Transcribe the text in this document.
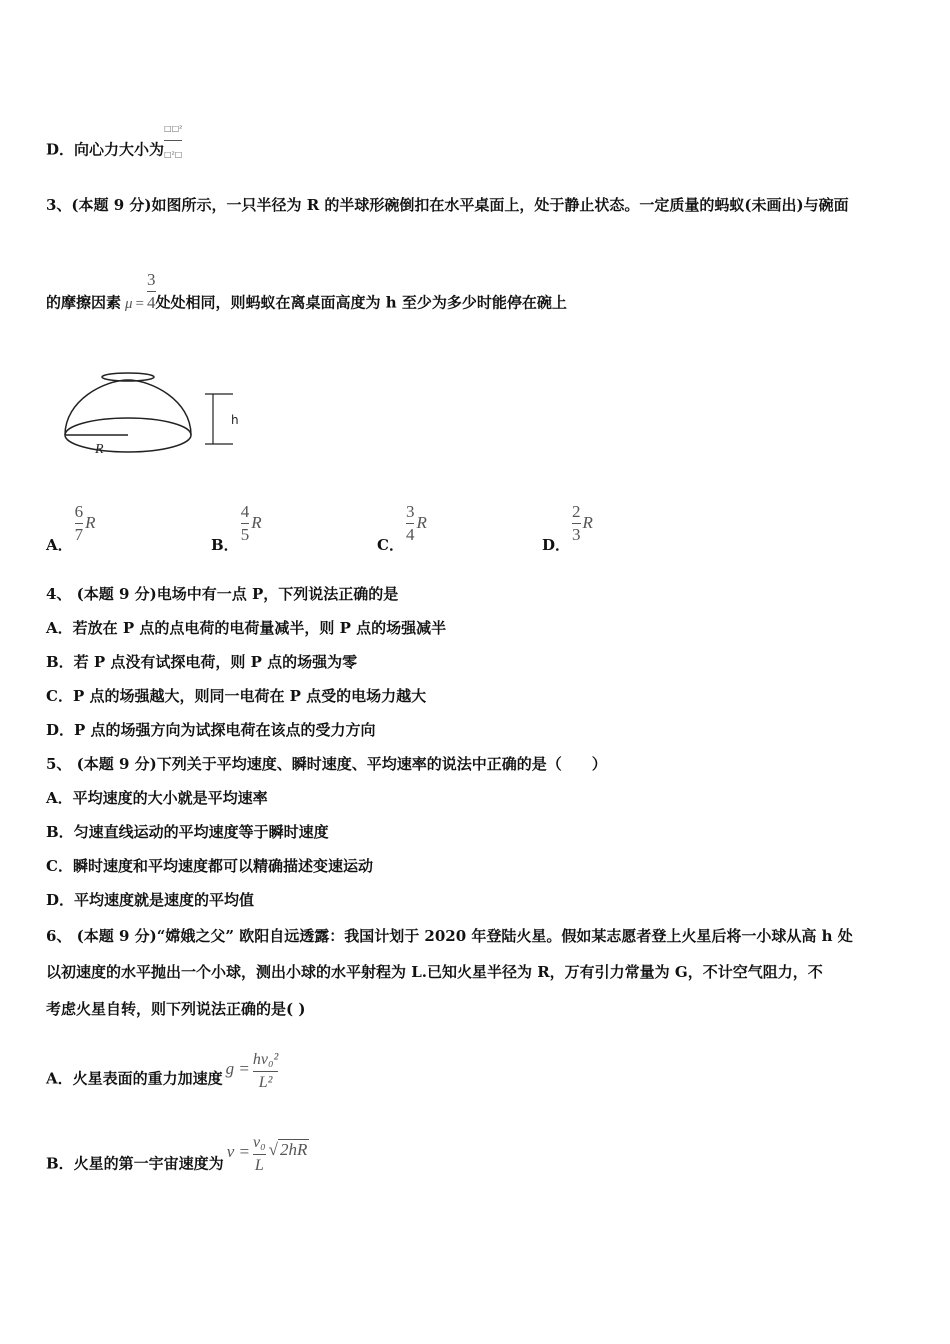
D．向心力大小为$\frac{\text{□□²}}{\text{□²□}}$
3、(本题 9 分)如图所示，一只半径为 R 的半球形碗倒扣在水平桌面上，处于静止状态。一定质量的蚂蚁(未画出)与碗面
的摩擦因素 $\mu = \frac{3}{4}$ 处处相同，则蚂蚁在离桌面高度为 h 至少为多少时能停在碗上
R
h
A． $\frac{6}{7}$ R
B． $\frac{4}{5}$ R
C． $\frac{3}{4}$ R
D． $\frac{2}{3}$ R
4、 (本题 9 分)电场中有一点 P，下列说法正确的是
A．若放在 P 点的点电荷的电荷量减半，则 P 点的场强减半
B．若 P 点没有试探电荷，则 P 点的场强为零
C．P 点的场强越大，则同一电荷在 P 点受的电场力越大
D．P 点的场强方向为试探电荷在该点的受力方向
5、 (本题 9 分)下列关于平均速度、瞬时速度、平均速率的说法中正确的是（　　）
A．平均速度的大小就是平均速率
B．匀速直线运动的平均速度等于瞬时速度
C．瞬时速度和平均速度都可以精确描述变速运动
D．平均速度就是速度的平均值
6、 (本题 9 分)“嫦娥之父” 欧阳自远透露：我国计划于 2020 年登陆火星。假如某志愿者登上火星后将一小球从高 h 处
以初速度的水平抛出一个小球，测出小球的水平射程为 L.已知火星半径为 R，万有引力常量为 G，不计空气阻力，不
考虑火星自转，则下列说法正确的是( )
A．火星表面的重力加速度$g = \frac{\text{hv₀²}}{\text{L²}}$
B．火星的第一宇宙速度为$v = \frac{\text{v₀}}{L}$ √ 2hR
